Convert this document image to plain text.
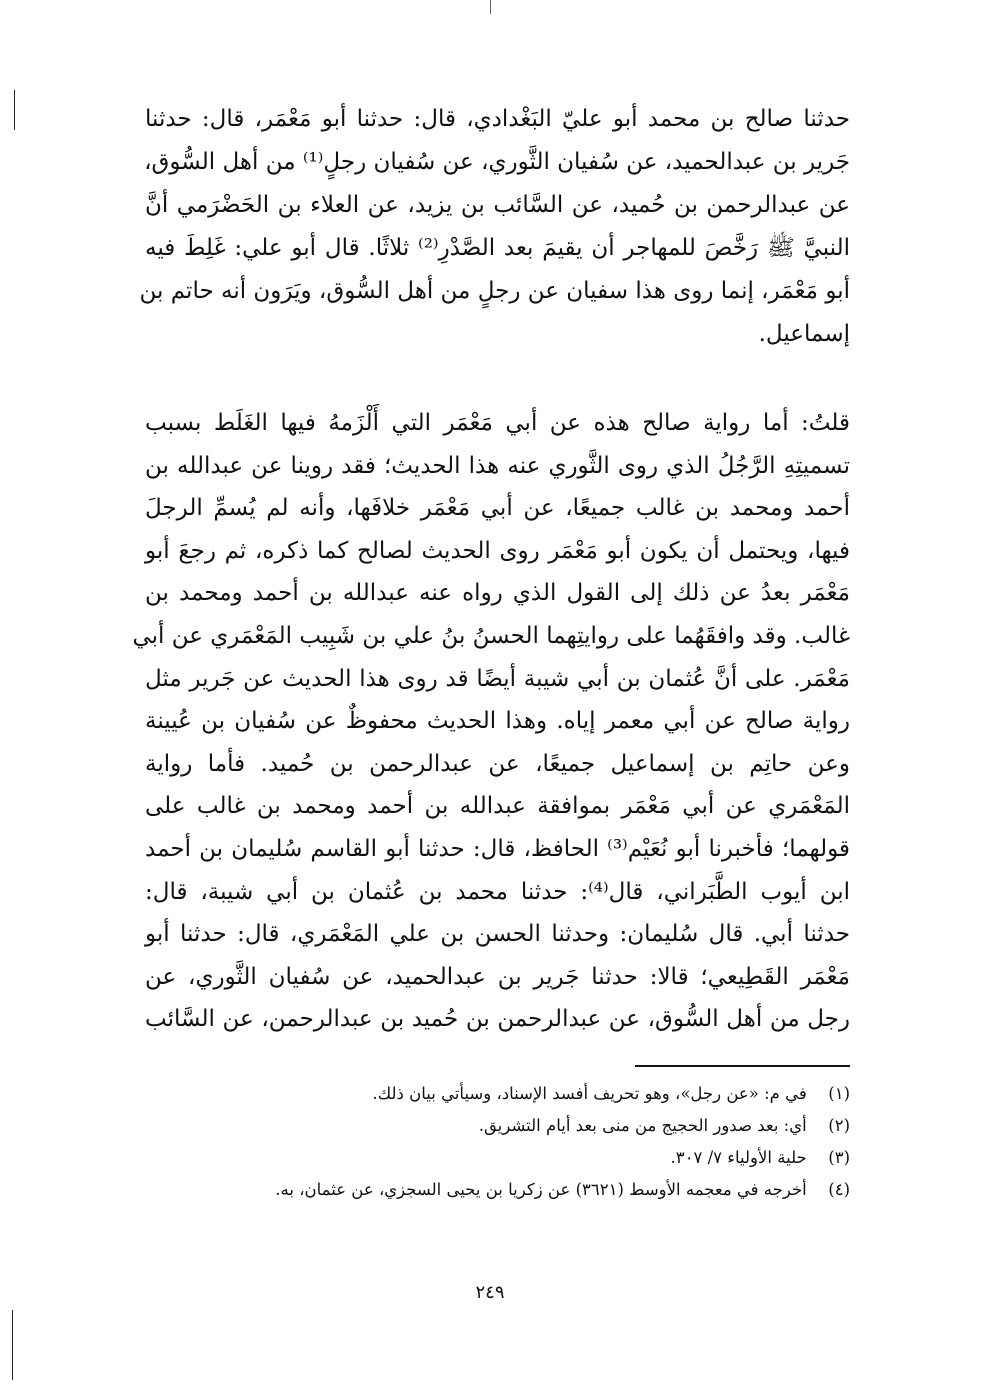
حدثنا صالح بن محمد أبو عليّ البَغْدادي، قال: حدثنا أبو مَعْمَر، قال: حدثنا
جَرير بن عبدالحميد، عن سُفيان الثَّوري، عن سُفيان رجلٍ⁽¹⁾ من أهل السُّوق،
عن عبدالرحمن بن حُميد، عن السَّائب بن يزيد، عن العلاء بن الحَضْرَمي أنَّ
النبيَّ ﷺ رَخَّصَ للمهاجر أن يقيمَ بعد الصَّدْرِ⁽²⁾ ثلاثًا. قال أبو علي: غَلِطَ فيه
أبو مَعْمَر، إنما روى هذا سفيان عن رجلٍ من أهل السُّوق، ويَرَون أنه حاتم بن
إسماعيل.
قلتُ: أما رواية صالح هذه عن أبي مَعْمَر التي أَلْزَمهُ فيها الغَلَط بسبب
تسميتِهِ الرَّجُلُ الذي روى الثَّوري عنه هذا الحديث؛ فقد روينا عن عبدالله بن
أحمد ومحمد بن غالب جميعًا، عن أبي مَعْمَر خلافَها، وأنه لم يُسمِّ الرجلَ
فيها، ويحتمل أن يكون أبو مَعْمَر روى الحديث لصالح كما ذكره، ثم رجعَ أبو
مَعْمَر بعدُ عن ذلك إلى القول الذي رواه عنه عبدالله بن أحمد ومحمد بن
غالب. وقد وافقَهُما على روايتِهما الحسنُ بنُ علي بن شَبِيب المَعْمَري عن أبي
مَعْمَر. على أنَّ عُثمان بن أبي شيبة أيضًا قد روى هذا الحديث عن جَرير مثل
رواية صالح عن أبي معمر إياه. وهذا الحديث محفوظٌ عن سُفيان بن عُيينة
وعن حاتِم بن إسماعيل جميعًا، عن عبدالرحمن بن حُميد. فأما رواية
المَعْمَري عن أبي مَعْمَر بموافقة عبدالله بن أحمد ومحمد بن غالب على
قولهما؛ فأخبرنا أبو نُعَيْم⁽³⁾ الحافظ، قال: حدثنا أبو القاسم سُليمان بن أحمد
ابن أيوب الطَّبَراني، قال⁽⁴⁾: حدثنا محمد بن عُثمان بن أبي شيبة، قال:
حدثنا أبي. قال سُليمان: وحدثنا الحسن بن علي المَعْمَري، قال: حدثنا أبو
مَعْمَر القَطِيعي؛ قالا: حدثنا جَرير بن عبدالحميد، عن سُفيان الثَّوري، عن
رجل من أهل السُّوق، عن عبدالرحمن بن حُميد بن عبدالرحمن، عن السَّائب
(١) في م: «عن رجل»، وهو تحريف أفسد الإسناد، وسيأتي بيان ذلك.
(٢) أي: بعد صدور الحجيج من منى بعد أيام التشريق.
(٣) حلية الأولياء ٧/ ٣٠٧.
(٤) أخرجه في معجمه الأوسط (٣٦٢١) عن زكريا بن يحيى السجزي، عن عثمان، به.
٢٤٩
